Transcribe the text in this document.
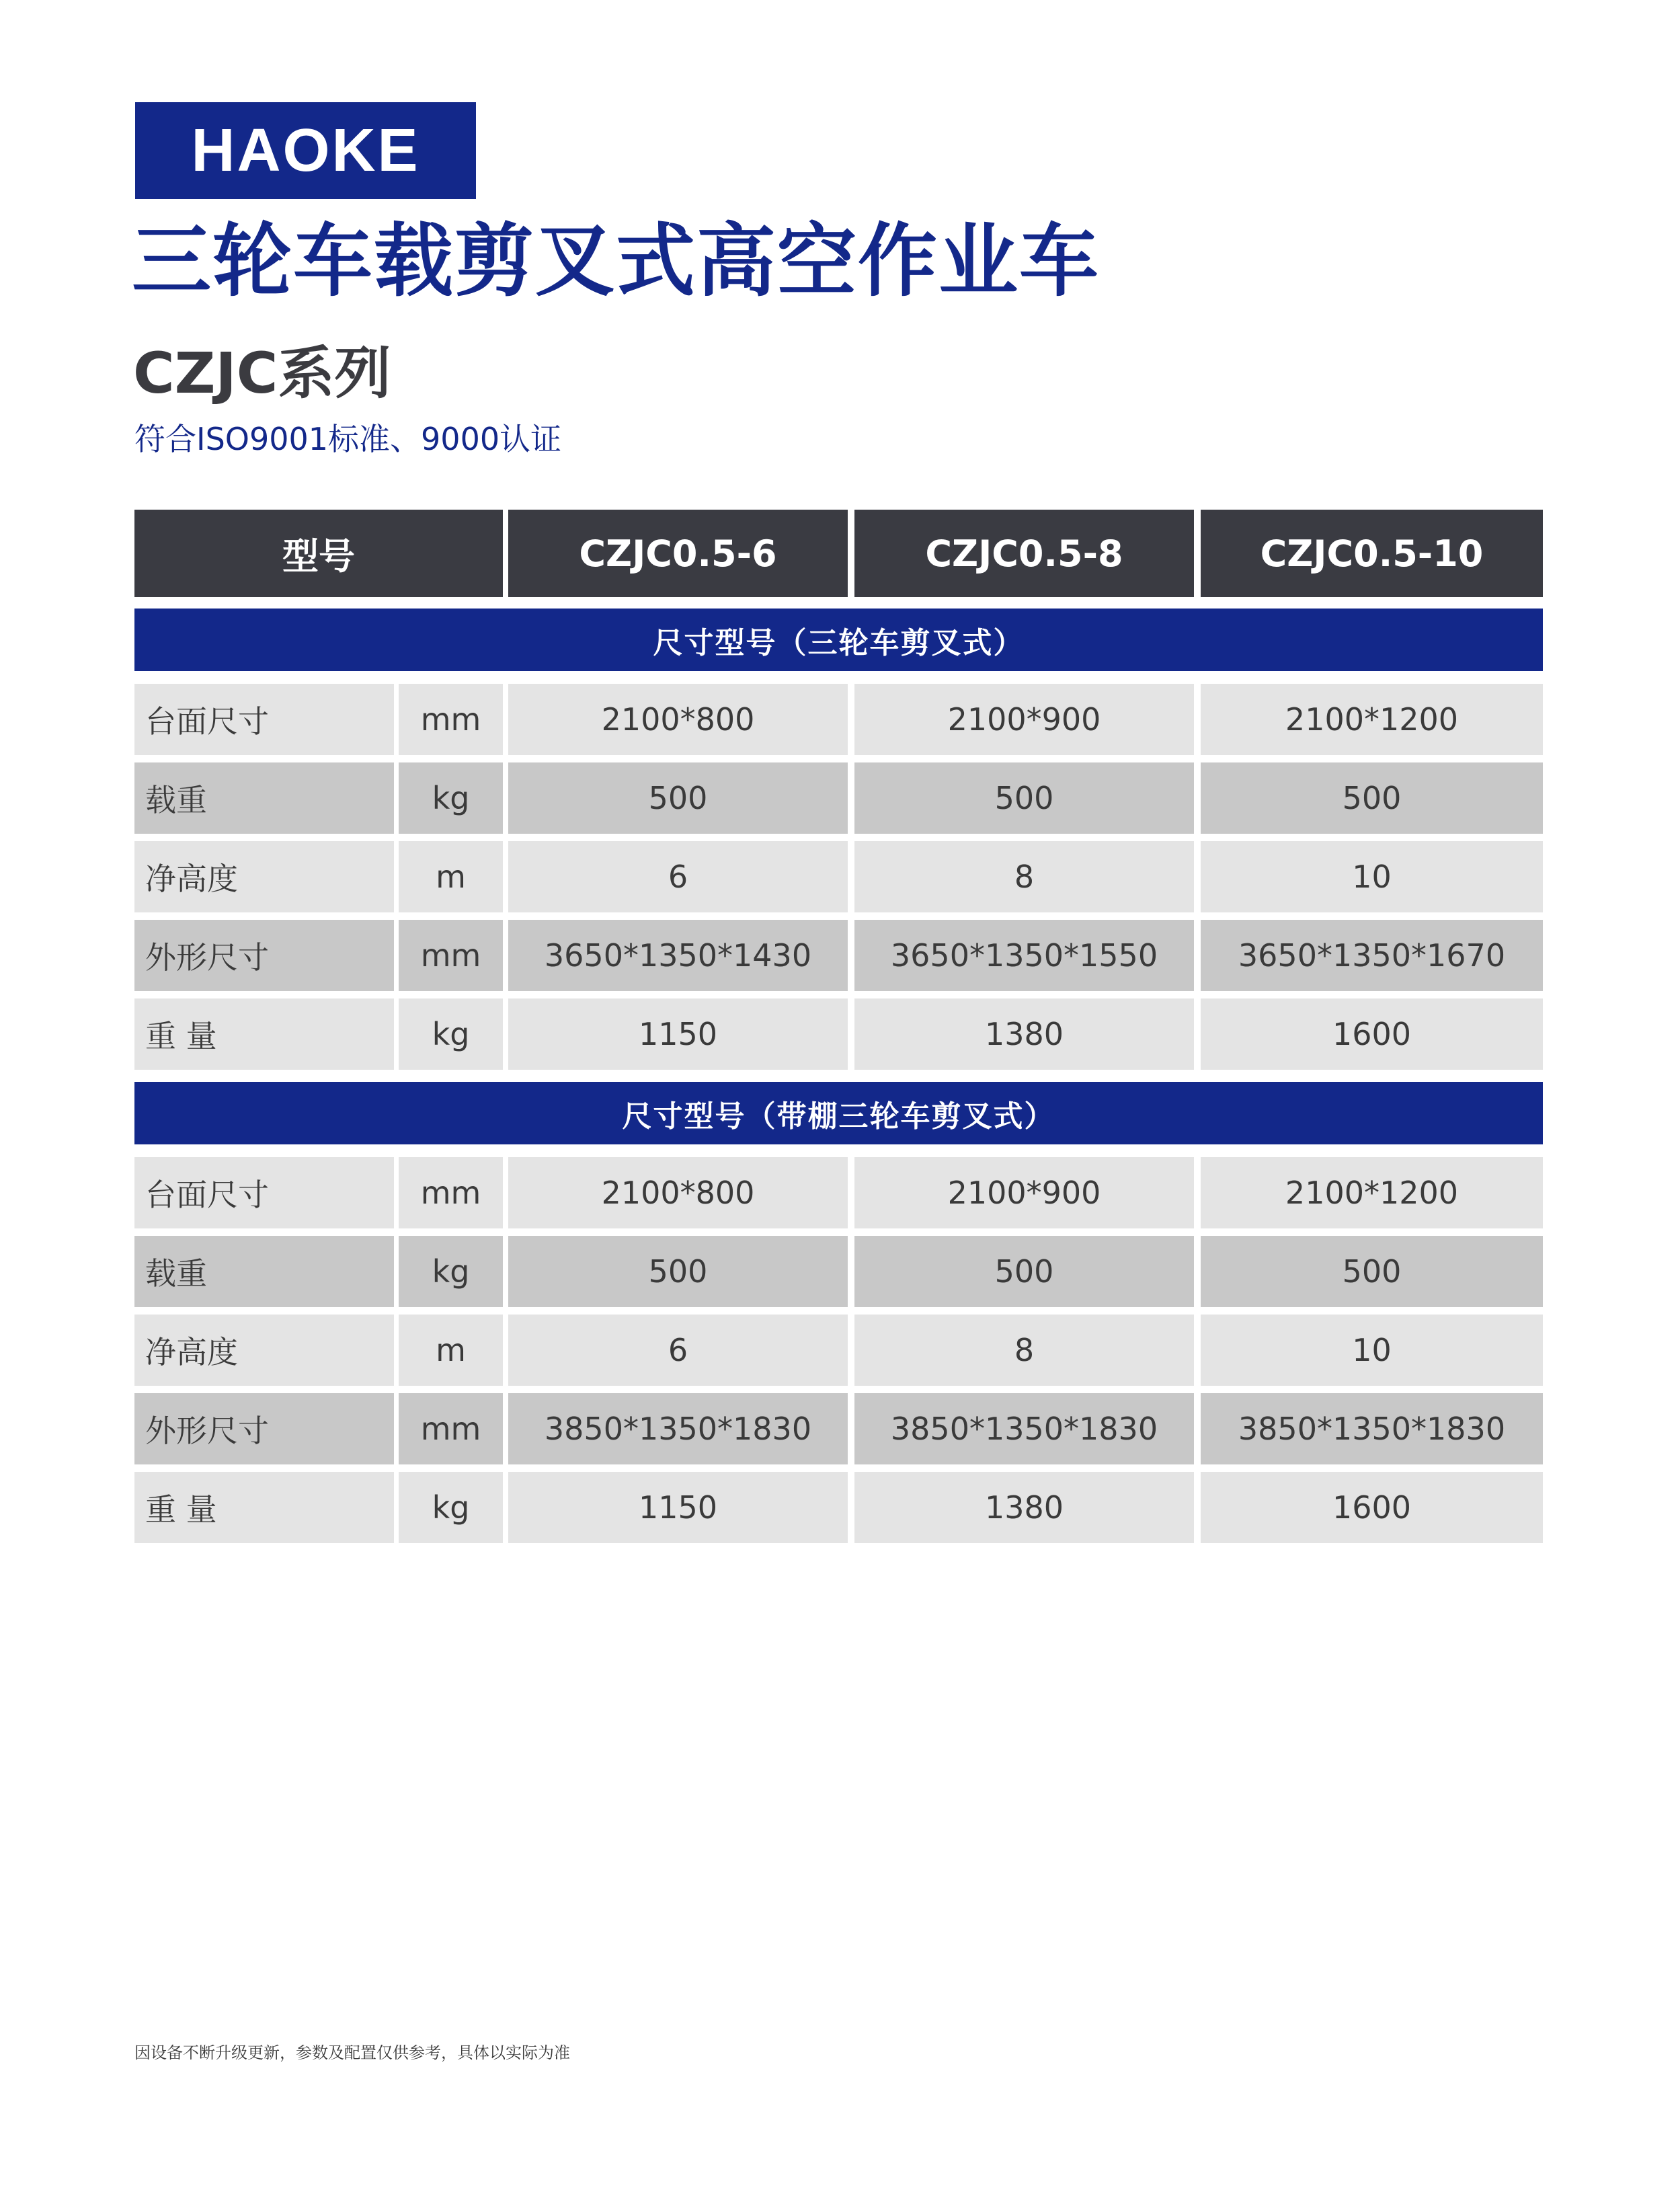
HAOKE
三轮车载剪叉式高空作业车
CZJC系列
符合ISO9001标准、9000认证
型号	CZJC0.5-6	CZJC0.5-8	CZJC0.5-10
尺寸型号（三轮车剪叉式）
台面尺寸	mm	2100*800	2100*900	2100*1200
载重	kg	500	500	500
净高度	m	6	8	10
外形尺寸	mm	3650*1350*1430	3650*1350*1550	3650*1350*1670
重 量	kg	1150	1380	1600
尺寸型号（带棚三轮车剪叉式）
台面尺寸	mm	2100*800	2100*900	2100*1200
载重	kg	500	500	500
净高度	m	6	8	10
外形尺寸	mm	3850*1350*1830	3850*1350*1830	3850*1350*1830
重 量	kg	1150	1380	1600
因设备不断升级更新，参数及配置仅供参考，具体以实际为准
